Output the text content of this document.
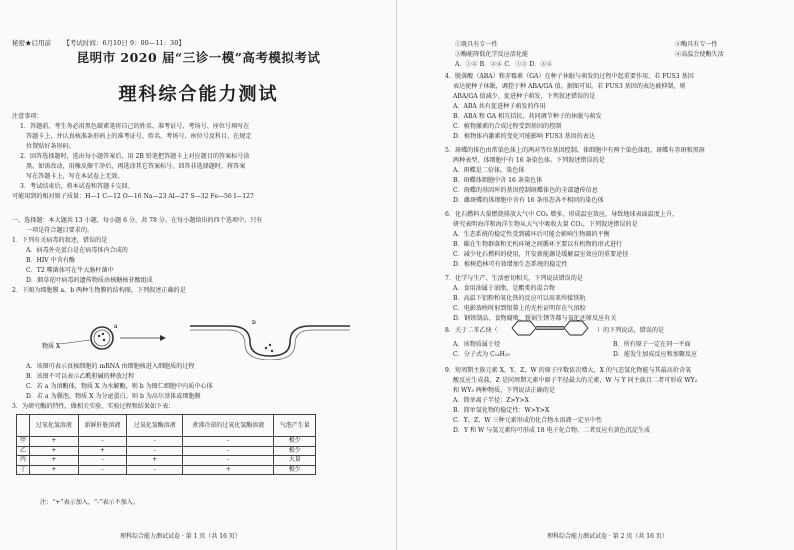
秘密★启用前 【考试时间：6月10日 9：00—11：30】
昆明市 2020 届“三诊一模”高考模拟考试
理科综合能力测试
注意事项：
1．答题前，考生务必用黑色碳素笔将自己的姓名、准考证号、考场号、座位号填写在
答题卡上，并认真核准条形码上的准考证号、姓名、考场号、座位号及科目，在规定
位置贴好条形码。
2．回答选择题时，选出每小题答案后，用 2B 铅笔把答题卡上对应题目的答案标号涂
黑。如需改动，用橡皮擦干净后，再选涂其它答案标号。回答非选择题时，将答案
写在答题卡上，写在本试卷上无效。
3．考试结束后，将本试卷和答题卡交回。
可能用到的相对原子质量：H—1 C—12 O—16 Na—23 Al—27 S—32 Fe—56 I—127
一、选择题：本大题共 13 小题，每小题 6 分，共 78 分。在每小题给出的四个选项中，只有
一项是符合题目要求的。
1．下列有关病毒的叙述，错误的是
A．病毒外壳蛋白是在病毒体内合成的
B．HIV 中含有酶
C．T2 噬菌体可在牛大肠杆菌中
D．烟草花叶病毒的遗传物质由核糖核苷酸组成
2．下图为细胞膜 a、b 两种生物膜的结构图，下列叙述正确的是
a
b
物质 X
A．该图可表示真核细胞的 mRNA 由细胞核进入细胞质的过程
B．该图不可以表示乙酰胆碱的释放过程
C．若 a 为溶酶体，物质 X 为水解酶，则 b 为图仁细胞中内质中心体
D．若 a 为囊泡，物质 X 为分泌蛋白，则 b 为高尔基体或细胞膜
3．为研究酶的特性，做相关实验，实验过程和结果如下表：
	过氧化氢溶液	新鲜肝脏溶液	过氧化氢酶溶液	煮沸冷却的过氧化氢酶溶液	气泡产生量
甲	+	-	-	-	极少
乙	+	+	-	-	极少
丙	+	-	+	-	大量
丁	+	-	-	+	极少
注：“+”表示加入，“-”表示不加入。
理科综合能力测试试卷 · 第 1 页（共 16 页）
①既具有专一性	②酶具有专一性
③酶能降低化学反应活化能	④高温会使酶失活
A．①④ B．②④ C．①③ D．③④
4．脱落酸（ABA）和赤霉素（GA）在种子休眠与萌发的过程中起重要作用，若 FUS3 基因
表达使种子休眠，调控于种 ABA/GA 值。据图可知，若 FUS3 基因的表达被抑制，则
ABA/GA 值减少，促进种子萌发，下列叙述错误的是
A．ABA 共有促进种子萌发的作用
B．ABA 和 GA 相互拮抗，共同调节种子的休眠与萌发
C．植物激素的合成过程受到基因的控制
D．植物体内激素的变化可能影响 FUS3 基因的表达
5．斑蝶的体色由常染色体上的两对等位基因控制，体细胞中有两个染色体组，斑蝶有赤斑和黑斑
两种表型，体细胞中有 16 条染色体。下列叙述错误的是
A．斑蝶是二倍体，染色体
B．斑蝶体细胞中含 16 条染色体
C．斑蝶的基因库的基因控制斑蝶体色的全部遗传信息
D．雌斑蝶的体细胞中含有 16 条形态各不相同的染色体
6．化石燃料大量燃烧排放大气中 CO₂ 增多，形成温室效应，导致地球表面温度上升，
研究表明海洋和海洋生物从大气中吸收大量 CO₂，下列叙述错误的是
A．生态系统的稳定性受到破坏后可能会影响生物圈的平衡
B．碳在生物群落和无机环境之间循环主要以有机物的形式进行
C．减少化石燃料的使用，开发新能源是缓解温室效应的重要途径
D．植树造林可有效增加生态系统的稳定性
7．化学与生产、生活密切相关，下列说法错误的是
A．食用油属于油脂，是酯类的混合物
B．高温下铝粉和氧化铁的反应可以用来焊接铁轨
C．电影放映时射到银幕上的光柱证明存在气溶胶
D．钢铁制品、食物腐败、铁锅生锈等都与氧化还原反应有关
8．关于二苯乙炔（	）的下列说法，错误的是
A．该物质属于烃	B．所有原子一定在同一平面
C．分子式为 C₁₄H₁₀	D．能发生加成反应和加聚反应
9．短周期主族元素 X、Y、Z、W 的原子序数依次增大，X 的气态氢化物能与其最高价含氧
酸反应生成盐，Z 是同周期元素中原子半径最大的元素，W 与 Y 同主族且二者可形成 WY₂
和 WY₃ 两种物质，下列说法正确的是
A．简单离子半径：Z>Y>X
B．简单氢化物的稳定性：W>Y>X
C．Y、Z、W 三种元素形成的化合物水溶液一定呈中性
D．Y 和 W 与氢元素均可形成 18 电子化合物，二者反应有黄色沉淀生成
理科综合能力测试试卷 · 第 2 页（共 16 页）
